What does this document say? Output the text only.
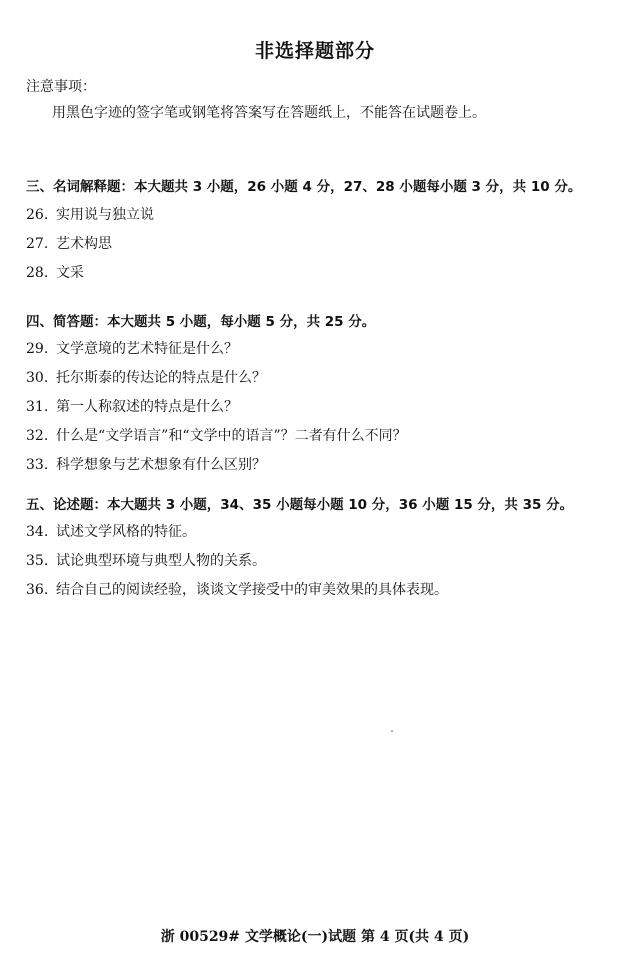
非选择题部分
注意事项：
用黑色字迹的签字笔或钢笔将答案写在答题纸上，不能答在试题卷上。
三、名词解释题：本大题共 3 小题，26 小题 4 分，27、28 小题每小题 3 分，共 10 分。
26. 实用说与独立说
27. 艺术构思
28. 文采
四、简答题：本大题共 5 小题，每小题 5 分，共 25 分。
29. 文学意境的艺术特征是什么？
30. 托尔斯泰的传达论的特点是什么？
31. 第一人称叙述的特点是什么？
32. 什么是“文学语言”和“文学中的语言”？二者有什么不同？
33. 科学想象与艺术想象有什么区别？
五、论述题：本大题共 3 小题，34、35 小题每小题 10 分，36 小题 15 分，共 35 分。
34. 试述文学风格的特征。
35. 试论典型环境与典型人物的关系。
36. 结合自己的阅读经验，谈谈文学接受中的审美效果的具体表现。
浙 00529# 文学概论(一)试题 第 4 页(共 4 页)
